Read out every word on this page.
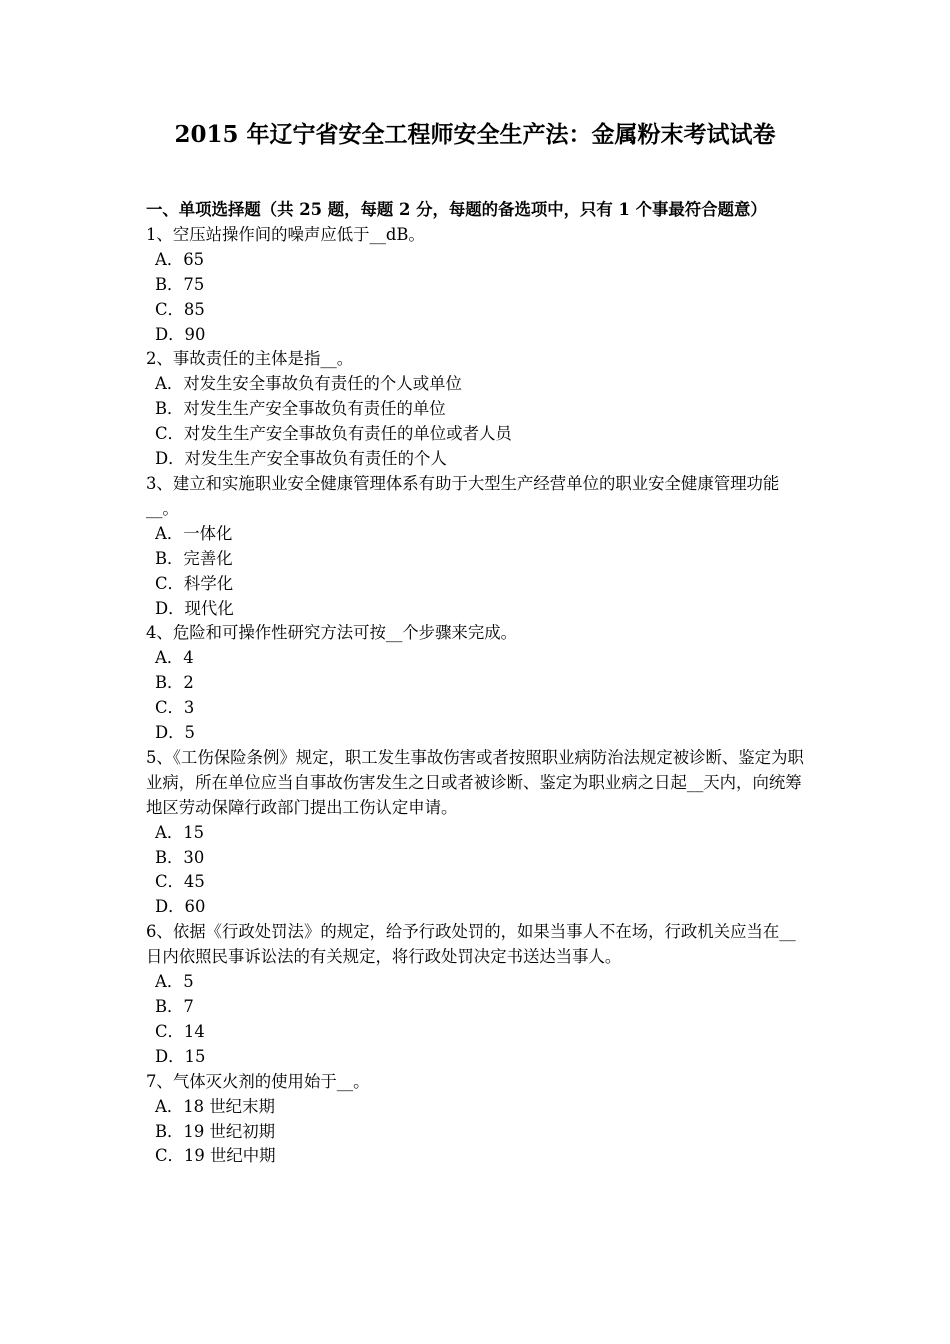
2015 年辽宁省安全工程师安全生产法：金属粉末考试试卷
一、单项选择题（共 25 题，每题 2 分，每题的备选项中，只有 1 个事最符合题意）
1、空压站操作间的噪声应低于__dB。
A．65
B．75
C．85
D．90
2、事故责任的主体是指__。
A．对发生安全事故负有责任的个人或单位
B．对发生生产安全事故负有责任的单位
C．对发生生产安全事故负有责任的单位或者人员
D．对发生生产安全事故负有责任的个人
3、建立和实施职业安全健康管理体系有助于大型生产经营单位的职业安全健康管理功能__。
A．一体化
B．完善化
C．科学化
D．现代化
4、危险和可操作性研究方法可按__个步骤来完成。
A．4
B．2
C．3
D．5
5、《工伤保险条例》规定，职工发生事故伤害或者按照职业病防治法规定被诊断、鉴定为职业病，所在单位应当自事故伤害发生之日或者被诊断、鉴定为职业病之日起__天内，向统筹地区劳动保障行政部门提出工伤认定申请。
A．15
B．30
C．45
D．60
6、依据《行政处罚法》的规定，给予行政处罚的，如果当事人不在场，行政机关应当在__日内依照民事诉讼法的有关规定，将行政处罚决定书送达当事人。
A．5
B．7
C．14
D．15
7、气体灭火剂的使用始于__。
A．18 世纪末期
B．19 世纪初期
C．19 世纪中期
